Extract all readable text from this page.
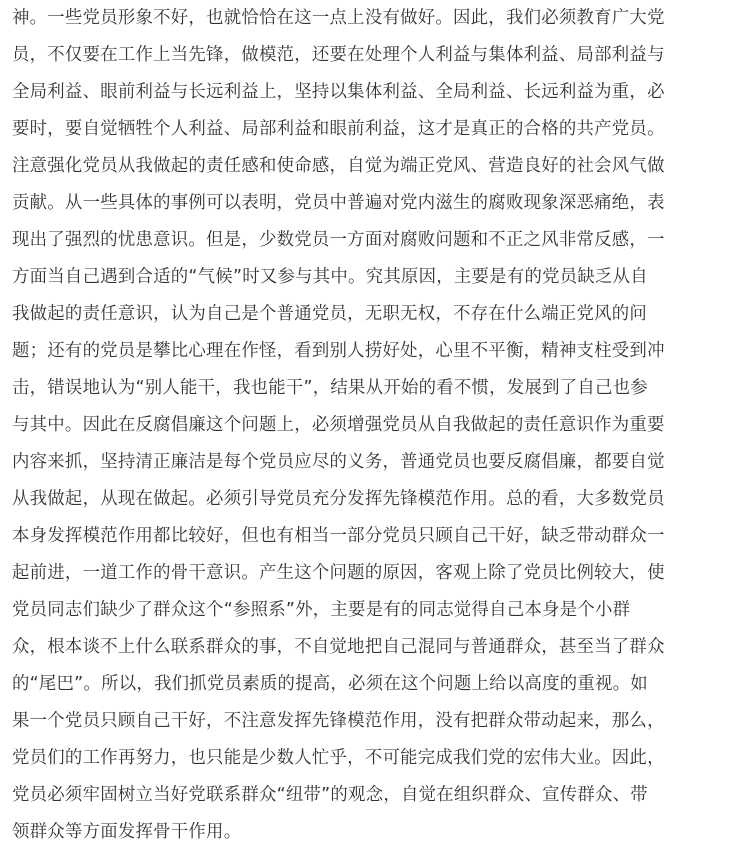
神。一些党员形象不好，也就恰恰在这一点上没有做好。因此，我们必须教育广大党
员，不仅要在工作上当先锋，做模范，还要在处理个人利益与集体利益、局部利益与
全局利益、眼前利益与长远利益上，坚持以集体利益、全局利益、长远利益为重，必
要时，要自觉牺牲个人利益、局部利益和眼前利益，这才是真正的合格的共产党员。
注意强化党员从我做起的责任感和使命感，自觉为端正党风、营造良好的社会风气做
贡献。从一些具体的事例可以表明，党员中普遍对党内滋生的腐败现象深恶痛绝，表
现出了强烈的忧患意识。但是，少数党员一方面对腐败问题和不正之风非常反感，一
方面当自己遇到合适的“气候”时又参与其中。究其原因，主要是有的党员缺乏从自
我做起的责任意识，认为自己是个普通党员，无职无权，不存在什么端正党风的问
题；还有的党员是攀比心理在作怪，看到别人捞好处，心里不平衡，精神支柱受到冲
击，错误地认为“别人能干，我也能干”，结果从开始的看不惯，发展到了自己也参
与其中。因此在反腐倡廉这个问题上，必须增强党员从自我做起的责任意识作为重要
内容来抓，坚持清正廉洁是每个党员应尽的义务，普通党员也要反腐倡廉，都要自觉
从我做起，从现在做起。必须引导党员充分发挥先锋模范作用。总的看，大多数党员
本身发挥模范作用都比较好，但也有相当一部分党员只顾自己干好，缺乏带动群众一
起前进，一道工作的骨干意识。产生这个问题的原因，客观上除了党员比例较大，使
党员同志们缺少了群众这个“参照系”外，主要是有的同志觉得自己本身是个小群
众，根本谈不上什么联系群众的事，不自觉地把自己混同与普通群众，甚至当了群众
的“尾巴”。所以，我们抓党员素质的提高，必须在这个问题上给以高度的重视。如
果一个党员只顾自己干好，不注意发挥先锋模范作用，没有把群众带动起来，那么，
党员们的工作再努力，也只能是少数人忙乎，不可能完成我们党的宏伟大业。因此，
党员必须牢固树立当好党联系群众“纽带”的观念，自觉在组织群众、宣传群众、带
领群众等方面发挥骨干作用。
